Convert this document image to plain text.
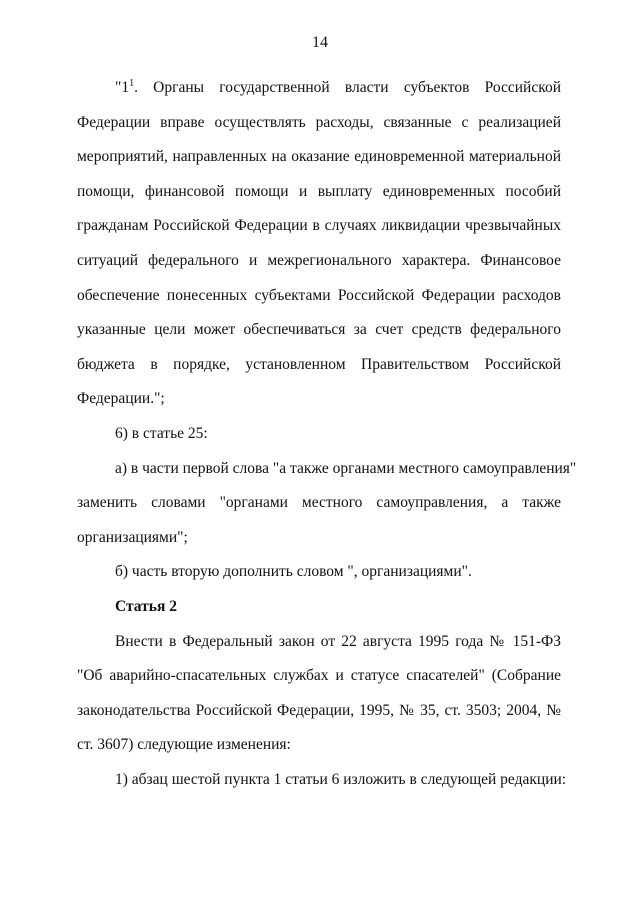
14
"$1^1$. Органы государственной власти субъектов Российской
Федерации вправе осуществлять расходы, связанные с реализацией
мероприятий, направленных на оказание единовременной материальной
помощи, финансовой помощи и выплату единовременных пособий
гражданам Российской Федерации в случаях ликвидации чрезвычайных
ситуаций федерального и межрегионального характера. Финансовое
обеспечение понесенных субъектами Российской Федерации расходов
указанные цели может обеспечиваться за счет средств федерального
бюджета в порядке, установленном Правительством Российской
Федерации.";
6) в статье 25:
а) в части первой слова "а также органами местного самоуправления"
заменить словами "органами местного самоуправления, а также
организациями";
б) часть вторую дополнить словом ", организациями".
Статья 2
Внести в Федеральный закон от 22 августа 1995 года № 151-ФЗ
"Об аварийно-спасательных службах и статусе спасателей" (Собрание
законодательства Российской Федерации, 1995, № 35, ст. 3503; 2004, №
ст. 3607) следующие изменения:
1) абзац шестой пункта 1 статьи 6 изложить в следующей редакции:
